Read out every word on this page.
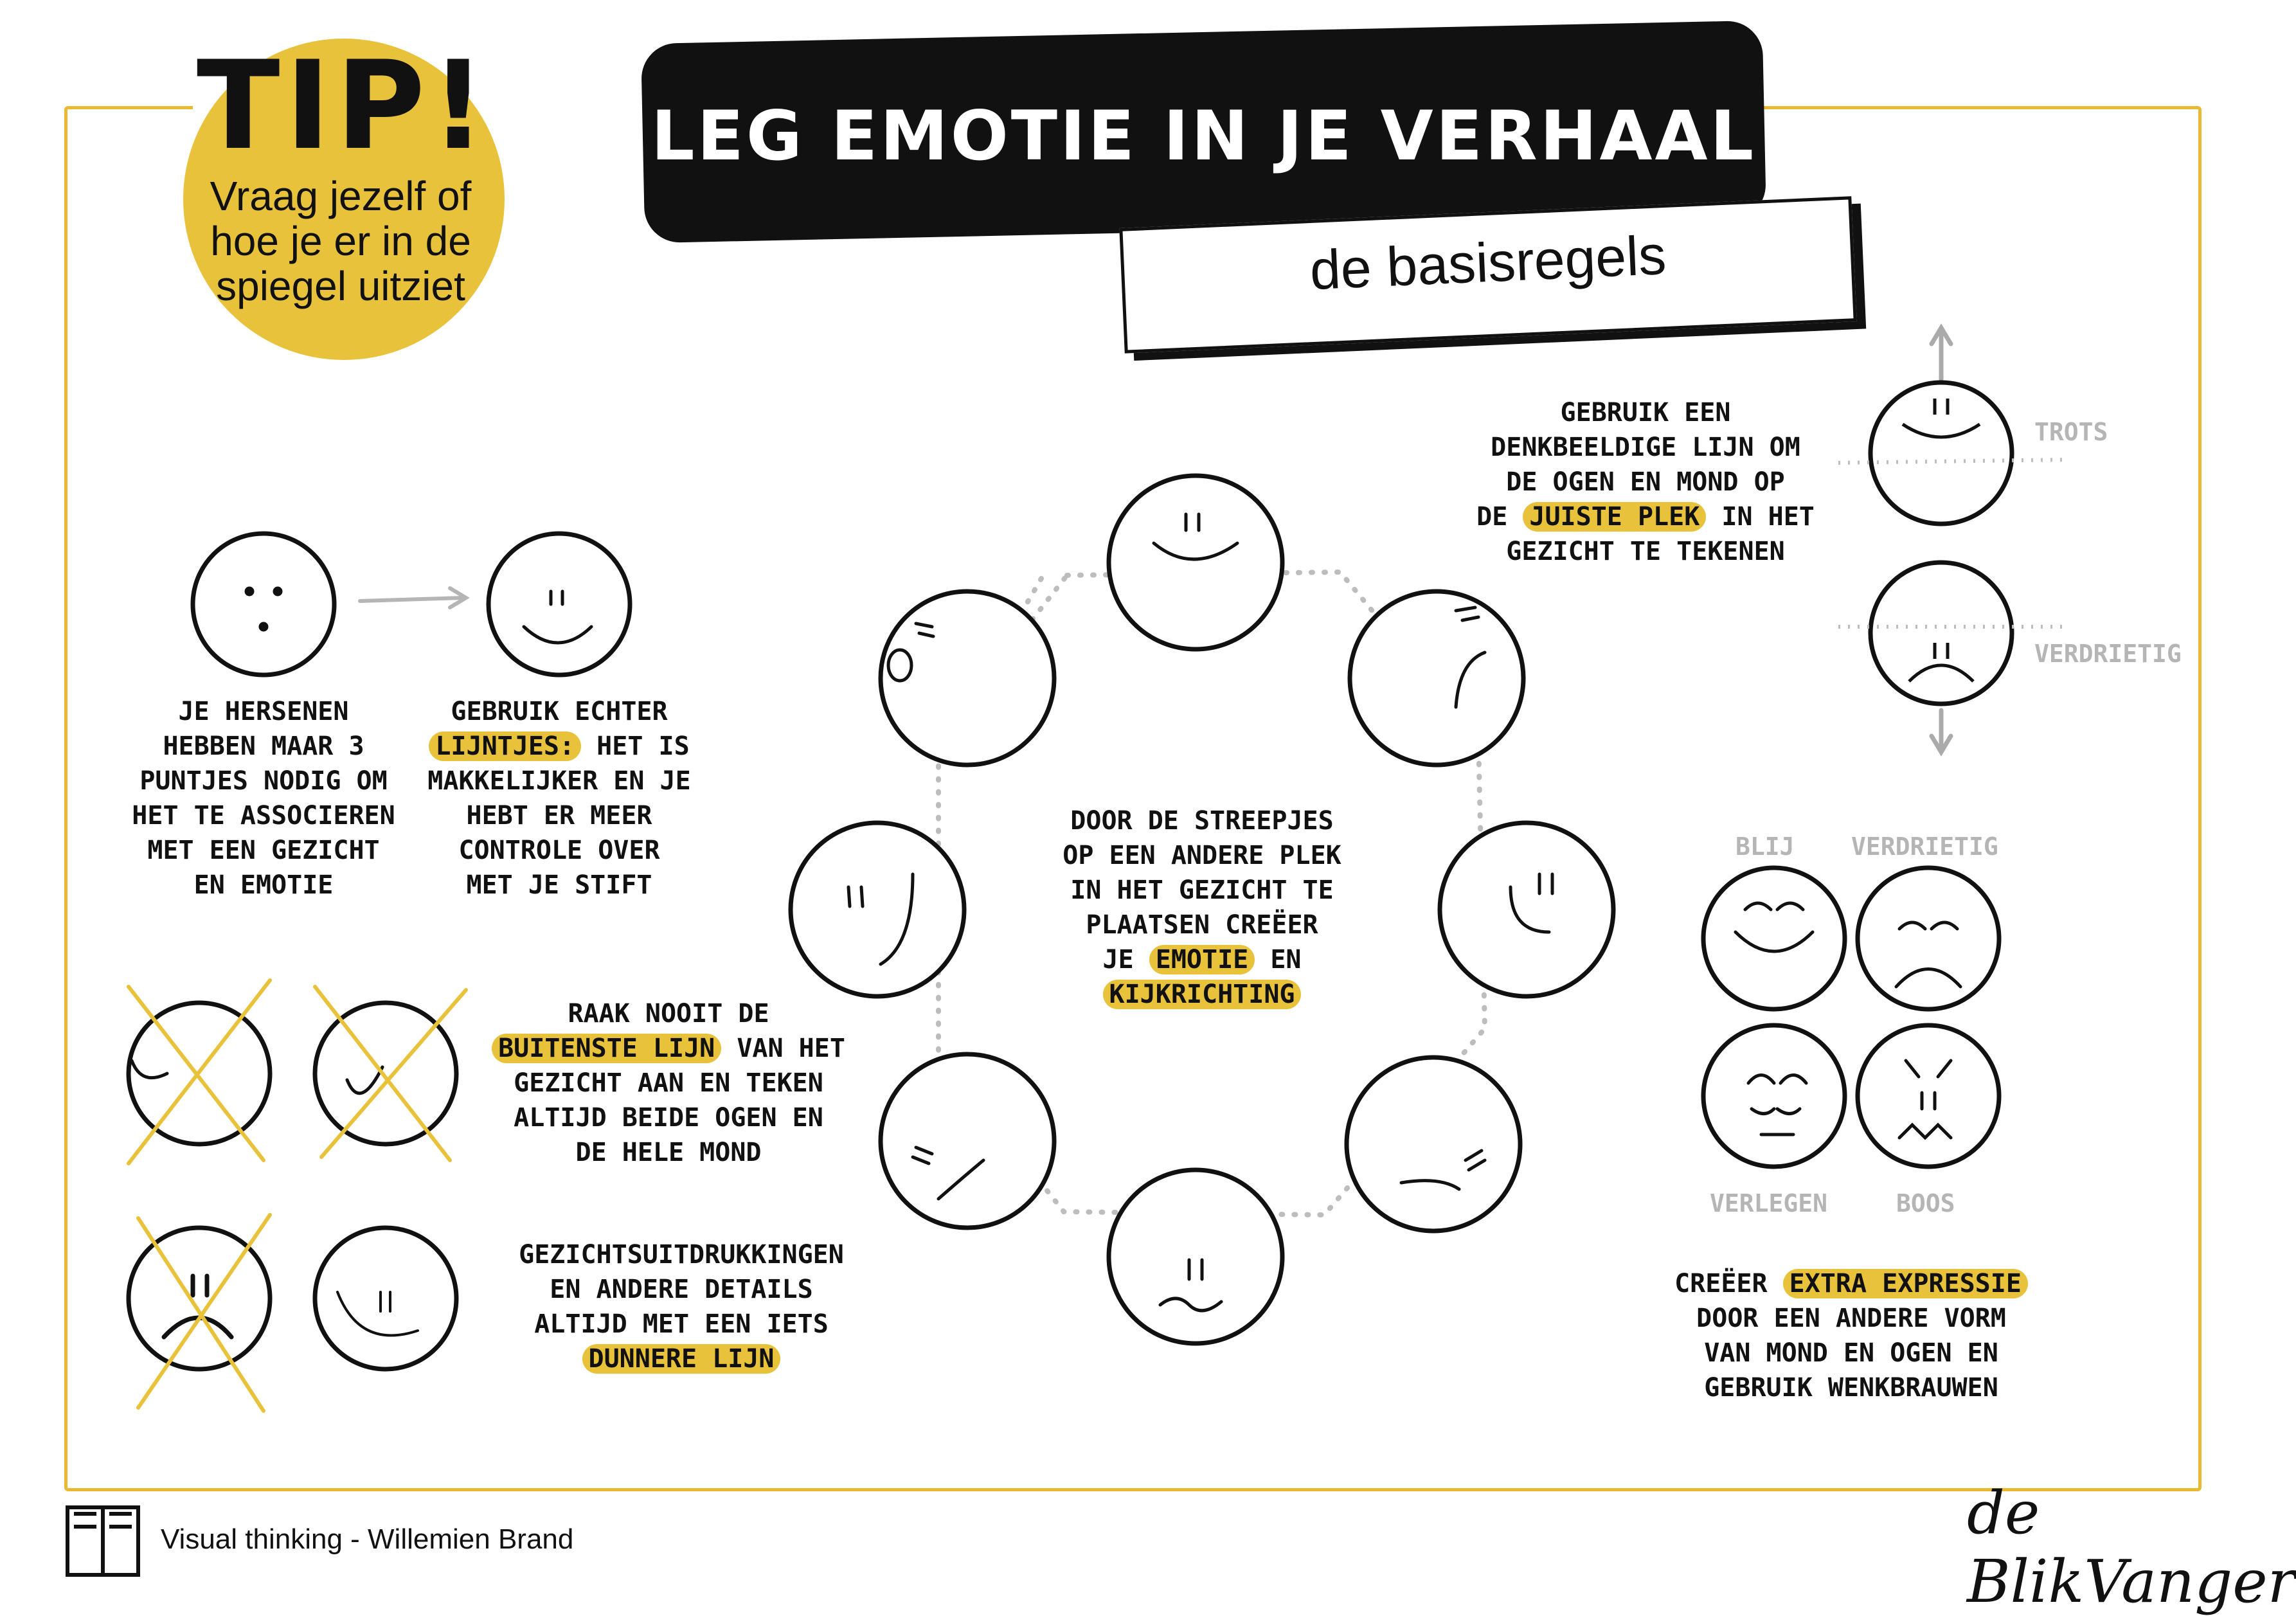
TIP!
Vraag jezelf of
hoe je er in de
spiegel uitziet
LEG EMOTIE IN JE VERHAAL
de basisregels
JE HERSENEN
HEBBEN MAAR 3
PUNTJES NODIG OM
HET TE ASSOCIEREN
MET EEN GEZICHT
EN EMOTIE
GEBRUIK ECHTER
LIJNTJES: HET IS
MAKKELIJKER EN JE
HEBT ER MEER
CONTROLE OVER
MET JE STIFT
RAAK NOOIT DE
BUITENSTE LIJN VAN HET
GEZICHT AAN EN TEKEN
ALTIJD BEIDE OGEN EN
DE HELE MOND
GEZICHTSUITDRUKKINGEN
EN ANDERE DETAILS
ALTIJD MET EEN IETS
DUNNERE LIJN
DOOR DE STREEPJES
OP EEN ANDERE PLEK
IN HET GEZICHT TE
PLAATSEN CREËER
JE EMOTIE EN
KIJKRICHTING
GEBRUIK EEN
DENKBEELDIGE LIJN OM
DE OGEN EN MOND OP
DE JUISTE PLEK IN HET
GEZICHT TE TEKENEN
TROTS
VERDRIETIG
BLIJ VERDRIETIG
VERLEGEN	BOOS
CREËER EXTRA EXPRESSIE
DOOR EEN ANDERE VORM
VAN MOND EN OGEN EN
GEBRUIK WENKBRAUWEN
Visual thinking - Willemien Brand	de BlikVanger
